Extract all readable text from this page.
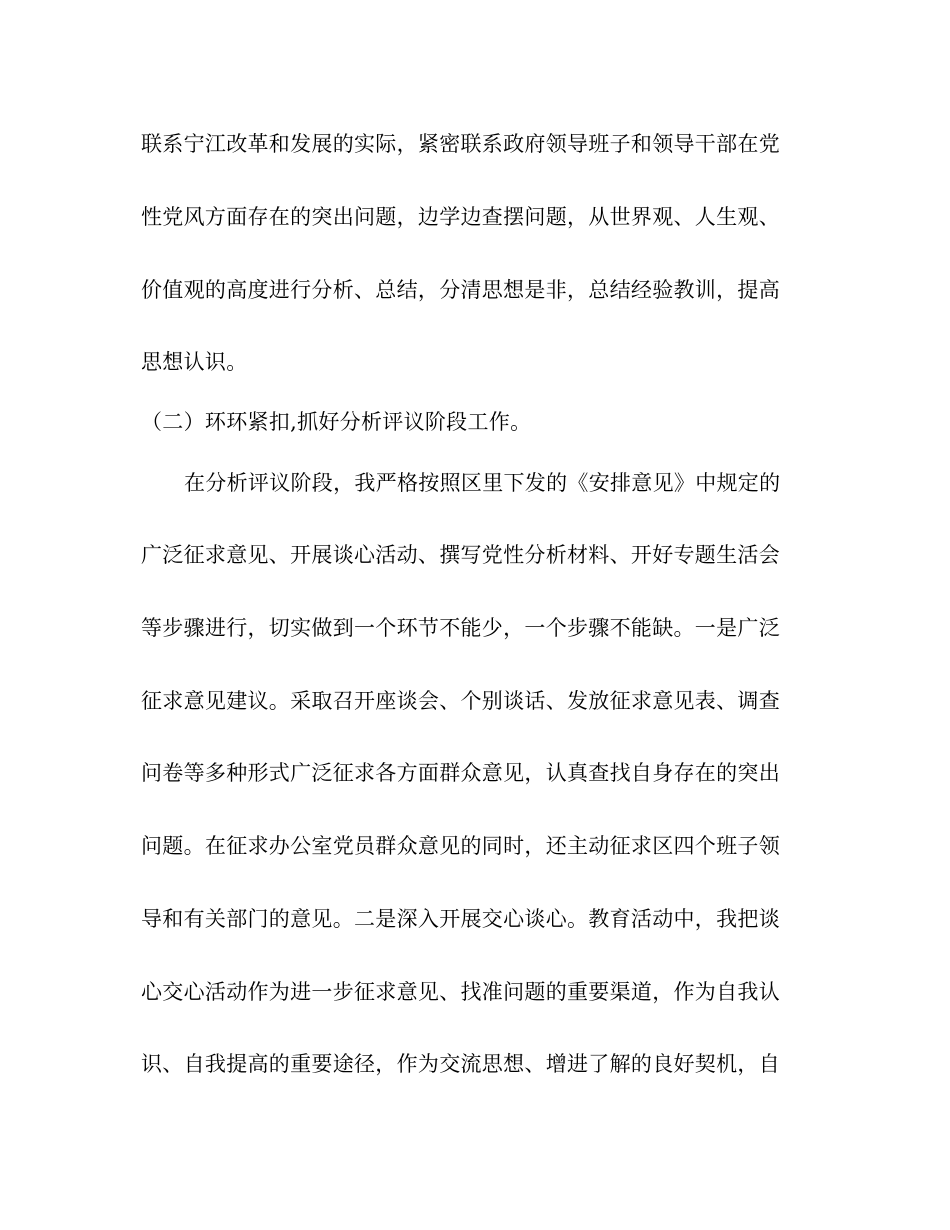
联系宁江改革和发展的实际，紧密联系政府领导班子和领导干部在党
性党风方面存在的突出问题，边学边查摆问题，从世界观、人生观、
价值观的高度进行分析、总结，分清思想是非，总结经验教训，提高
思想认识。
（二）环环紧扣,抓好分析评议阶段工作。
在分析评议阶段，我严格按照区里下发的《安排意见》中规定的
广泛征求意见、开展谈心活动、撰写党性分析材料、开好专题生活会
等步骤进行，切实做到一个环节不能少，一个步骤不能缺。一是广泛
征求意见建议。采取召开座谈会、个别谈话、发放征求意见表、调查
问卷等多种形式广泛征求各方面群众意见，认真查找自身存在的突出
问题。在征求办公室党员群众意见的同时，还主动征求区四个班子领
导和有关部门的意见。二是深入开展交心谈心。教育活动中，我把谈
心交心活动作为进一步征求意见、找准问题的重要渠道，作为自我认
识、自我提高的重要途径，作为交流思想、增进了解的良好契机，自
